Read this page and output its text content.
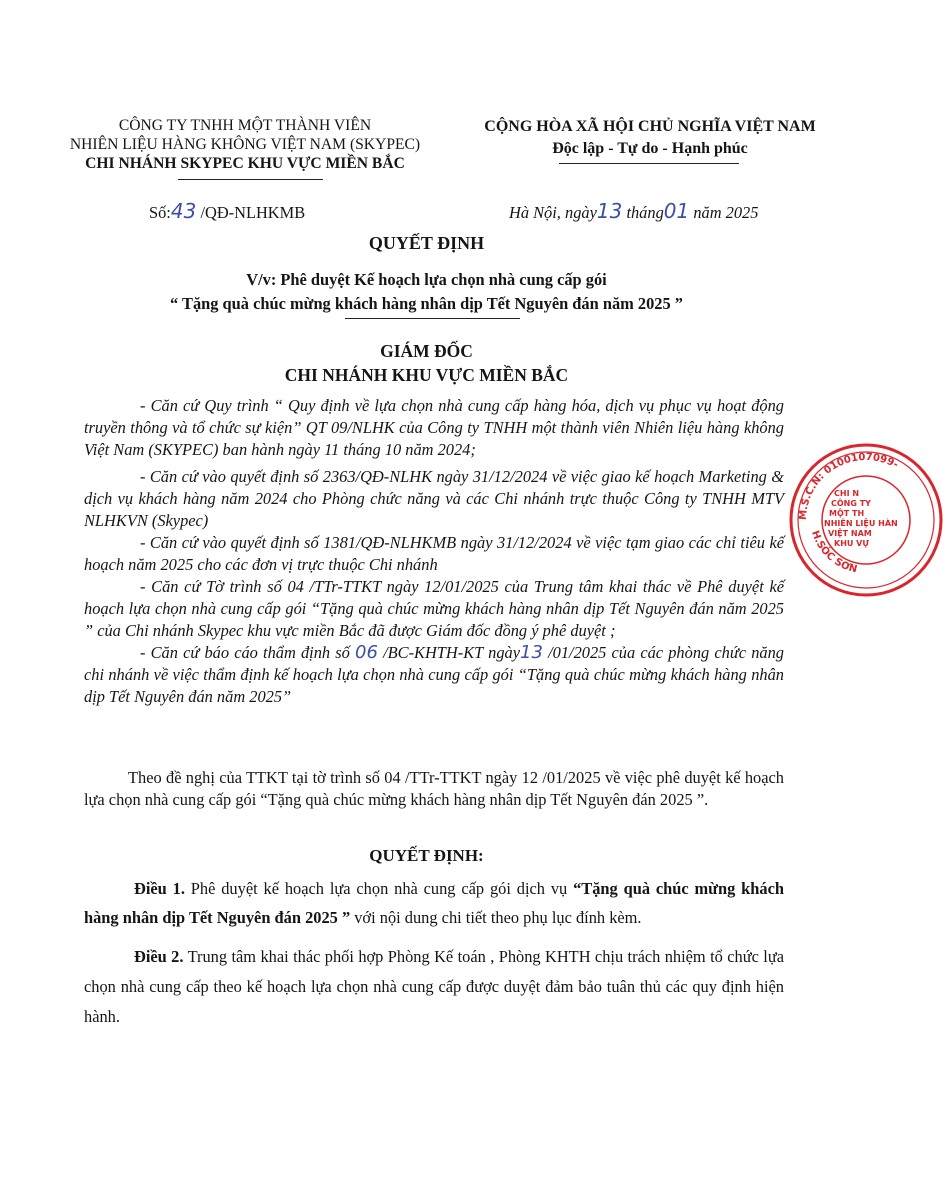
CÔNG TY TNHH MỘT THÀNH VIÊN
NHIÊN LIỆU HÀNG KHÔNG VIỆT NAM (SKYPEC)
CHI NHÁNH SKYPEC KHU VỰC MIỀN BẮC
CỘNG HÒA XÃ HỘI CHỦ NGHĨA VIỆT NAM
Độc lập - Tự do - Hạnh phúc
Số:43 /QĐ-NLHKMB	Hà Nội, ngày13 tháng01 năm 2025
QUYẾT ĐỊNH
V/v: Phê duyệt Kế hoạch lựa chọn nhà cung cấp gói
“ Tặng quà chúc mừng khách hàng nhân dịp Tết Nguyên đán năm 2025 ”
GIÁM ĐỐC
CHI NHÁNH KHU VỰC MIỀN BẮC

- Căn cứ Quy trình “ Quy định về lựa chọn nhà cung cấp hàng hóa, dịch vụ phục vụ hoạt động truyền thông và tổ chức sự kiện” QT 09/NLHK của Công ty TNHH một thành viên Nhiên liệu hàng không Việt Nam (SKYPEC) ban hành ngày 11 tháng 10 năm 2024;

- Căn cứ vào quyết định số 2363/QĐ-NLHK ngày 31/12/2024 về việc giao kế hoạch Marketing & dịch vụ khách hàng năm 2024 cho Phòng chức năng và các Chi nhánh trực thuộc Công ty TNHH MTV NLHKVN (Skypec)

- Căn cứ vào quyết định số 1381/QĐ-NLHKMB ngày 31/12/2024 về việc tạm giao các chỉ tiêu kế hoạch năm 2025 cho các đơn vị trực thuộc Chi nhánh

- Căn cứ Tờ trình số 04 /TTr-TTKT ngày 12/01/2025 của Trung tâm khai thác về Phê duyệt kế hoạch lựa chọn nhà cung cấp gói “Tặng quà chúc mừng khách hàng nhân dịp Tết Nguyên đán năm 2025 ” của Chi nhánh Skypec khu vực miền Bắc đã được Giám đốc đồng ý phê duyệt ;

- Căn cứ báo cáo thẩm định số 06 /BC-KHTH-KT ngày13 /01/2025 của các phòng chức năng chi nhánh về việc thẩm định kế hoạch lựa chọn nhà cung cấp gói “Tặng quà chúc mừng khách hàng nhân dịp Tết Nguyên đán năm 2025”

Theo đề nghị của TTKT tại tờ trình số 04 /TTr-TTKT ngày 12 /01/2025 về việc phê duyệt kế hoạch lựa chọn nhà cung cấp gói “Tặng quà chúc mừng khách hàng nhân dịp Tết Nguyên đán 2025 ”.

QUYẾT ĐỊNH:

Điều 1. Phê duyệt kế hoạch lựa chọn nhà cung cấp gói dịch vụ “Tặng quà chúc mừng khách hàng nhân dịp Tết Nguyên đán 2025 ” với nội dung chi tiết theo phụ lục đính kèm.

Điều 2. Trung tâm khai thác phối hợp Phòng Kế toán , Phòng KHTH chịu trách nhiệm tổ chức lựa chọn nhà cung cấp theo kế hoạch lựa chọn nhà cung cấp được duyệt đảm bảo tuân thủ các quy định hiện hành.

M.S.C.N: 0100107099-
H.SÓC SƠN
CHI N
CÔNG TY
MỘT TH
NHIÊN LIỆU HÀN
VIỆT NAM
KHU VỰ
